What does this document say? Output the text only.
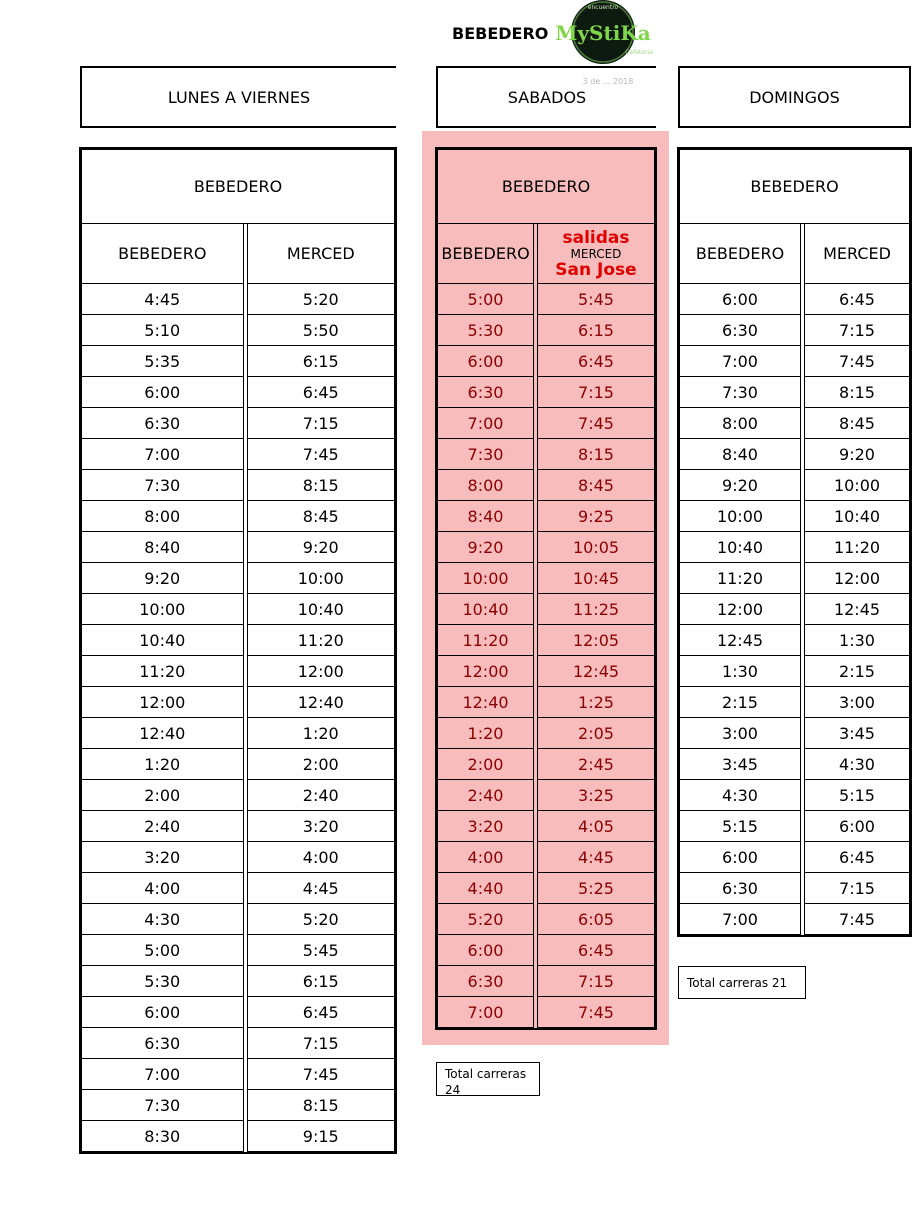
BEBEDERO
encuentro
MyStiKa
Cafeteria
3 de ... 2018
LUNES A VIERNES	SABADOS	DOMINGOS
BEBEDERO		
BEBEDERO		MERCED
4:45		5:20
5:10		5:50
5:35		6:15
6:00		6:45
6:30		7:15
7:00		7:45
7:30		8:15
8:00		8:45
8:40		9:20
9:20		10:00
10:00		10:40
10:40		11:20
11:20		12:00
12:00		12:40
12:40		1:20
1:20		2:00
2:00		2:40
2:40		3:20
3:20		4:00
4:00		4:45
4:30		5:20
5:00		5:45
5:30		6:15
6:00		6:45
6:30		7:15
7:00		7:45
7:30		8:15
8:30		9:15
BEBEDERO		
BEBEDERO		salidas
MERCED
San Jose

5:00		5:45
5:30		6:15
6:00		6:45
6:30		7:15
7:00		7:45
7:30		8:15
8:00		8:45
8:40		9:25
9:20		10:05
10:00		10:45
10:40		11:25
11:20		12:05
12:00		12:45
12:40		1:25
1:20		2:05
2:00		2:45
2:40		3:25
3:20		4:05
4:00		4:45
4:40		5:25
5:20		6:05
6:00		6:45
6:30		7:15
7:00		7:45
BEBEDERO		
BEBEDERO		MERCED
6:00		6:45
6:30		7:15
7:00		7:45
7:30		8:15
8:00		8:45
8:40		9:20
9:20		10:00
10:00		10:40
10:40		11:20
11:20		12:00
12:00		12:45
12:45		1:30
1:30		2:15
2:15		3:00
3:00		3:45
3:45		4:30
4:30		5:15
5:15		6:00
6:00		6:45
6:30		7:15
7:00		7:45
Total carreras 21
Total carreras 24
